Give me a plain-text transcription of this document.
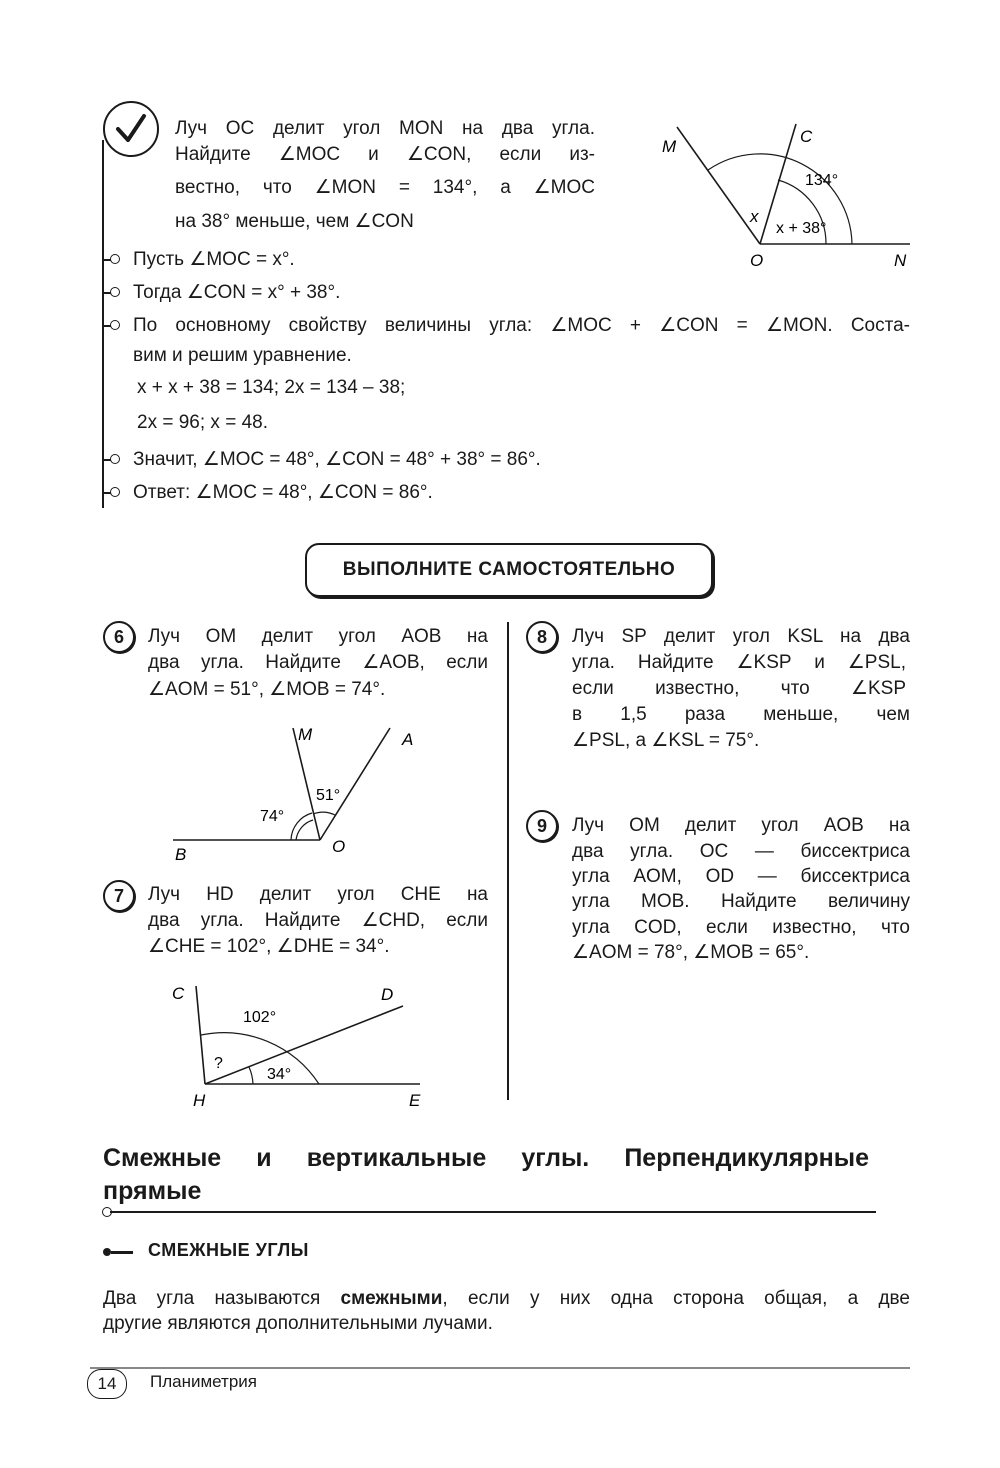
Луч OC делит угол MON на два угла.
Найдите ∠MOC и ∠CON, если из-
вестно, что ∠MON = 134°, а ∠MOC
на 38° меньше, чем ∠CON
Пусть ∠MOC = x°.
Тогда ∠CON = x° + 38°.
По основному свойству величины угла: ∠MOC + ∠CON = ∠MON. Соста-
вим и решим уравнение.
x + x + 38 = 134; 2x = 134 – 38;
2x = 96; x = 48.
Значит, ∠MOC = 48°, ∠CON = 48° + 38° = 86°.
Ответ: ∠MOC = 48°, ∠CON = 86°.
M
C
O	N
134°
x
x + 38°
ВЫПОЛНИТЕ САМОСТОЯТЕЛЬНО
6	Луч OM делит угол AOB на
два угла. Найдите ∠AOB, если
∠AOM = 51°, ∠MOB = 74°.
M	A
B	O
51°
74°
7	Луч HD делит угол CHE на
два угла. Найдите ∠CHD, если
∠CHE = 102°, ∠DHE = 34°.
C	D
H	E
102°
34°
?
8	Луч SP делит угол KSL на два
угла. Найдите ∠KSP и ∠PSL,
если известно, что ∠KSP
в 1,5 раза меньше, чем
∠PSL, а ∠KSL = 75°.
9	Луч OM делит угол AOB на
два угла. OC — биссектриса
угла AOM, OD — биссектриса
угла MOB. Найдите величину
угла COD, если известно, что
∠AOM = 78°, ∠MOB = 65°.
Смежные и вертикальные углы. Перпендикулярные
прямые
СМЕЖНЫЕ УГЛЫ
Два угла называются смежными, если у них одна сторона общая, а две
другие являются дополнительными лучами.
14	Планиметрия
